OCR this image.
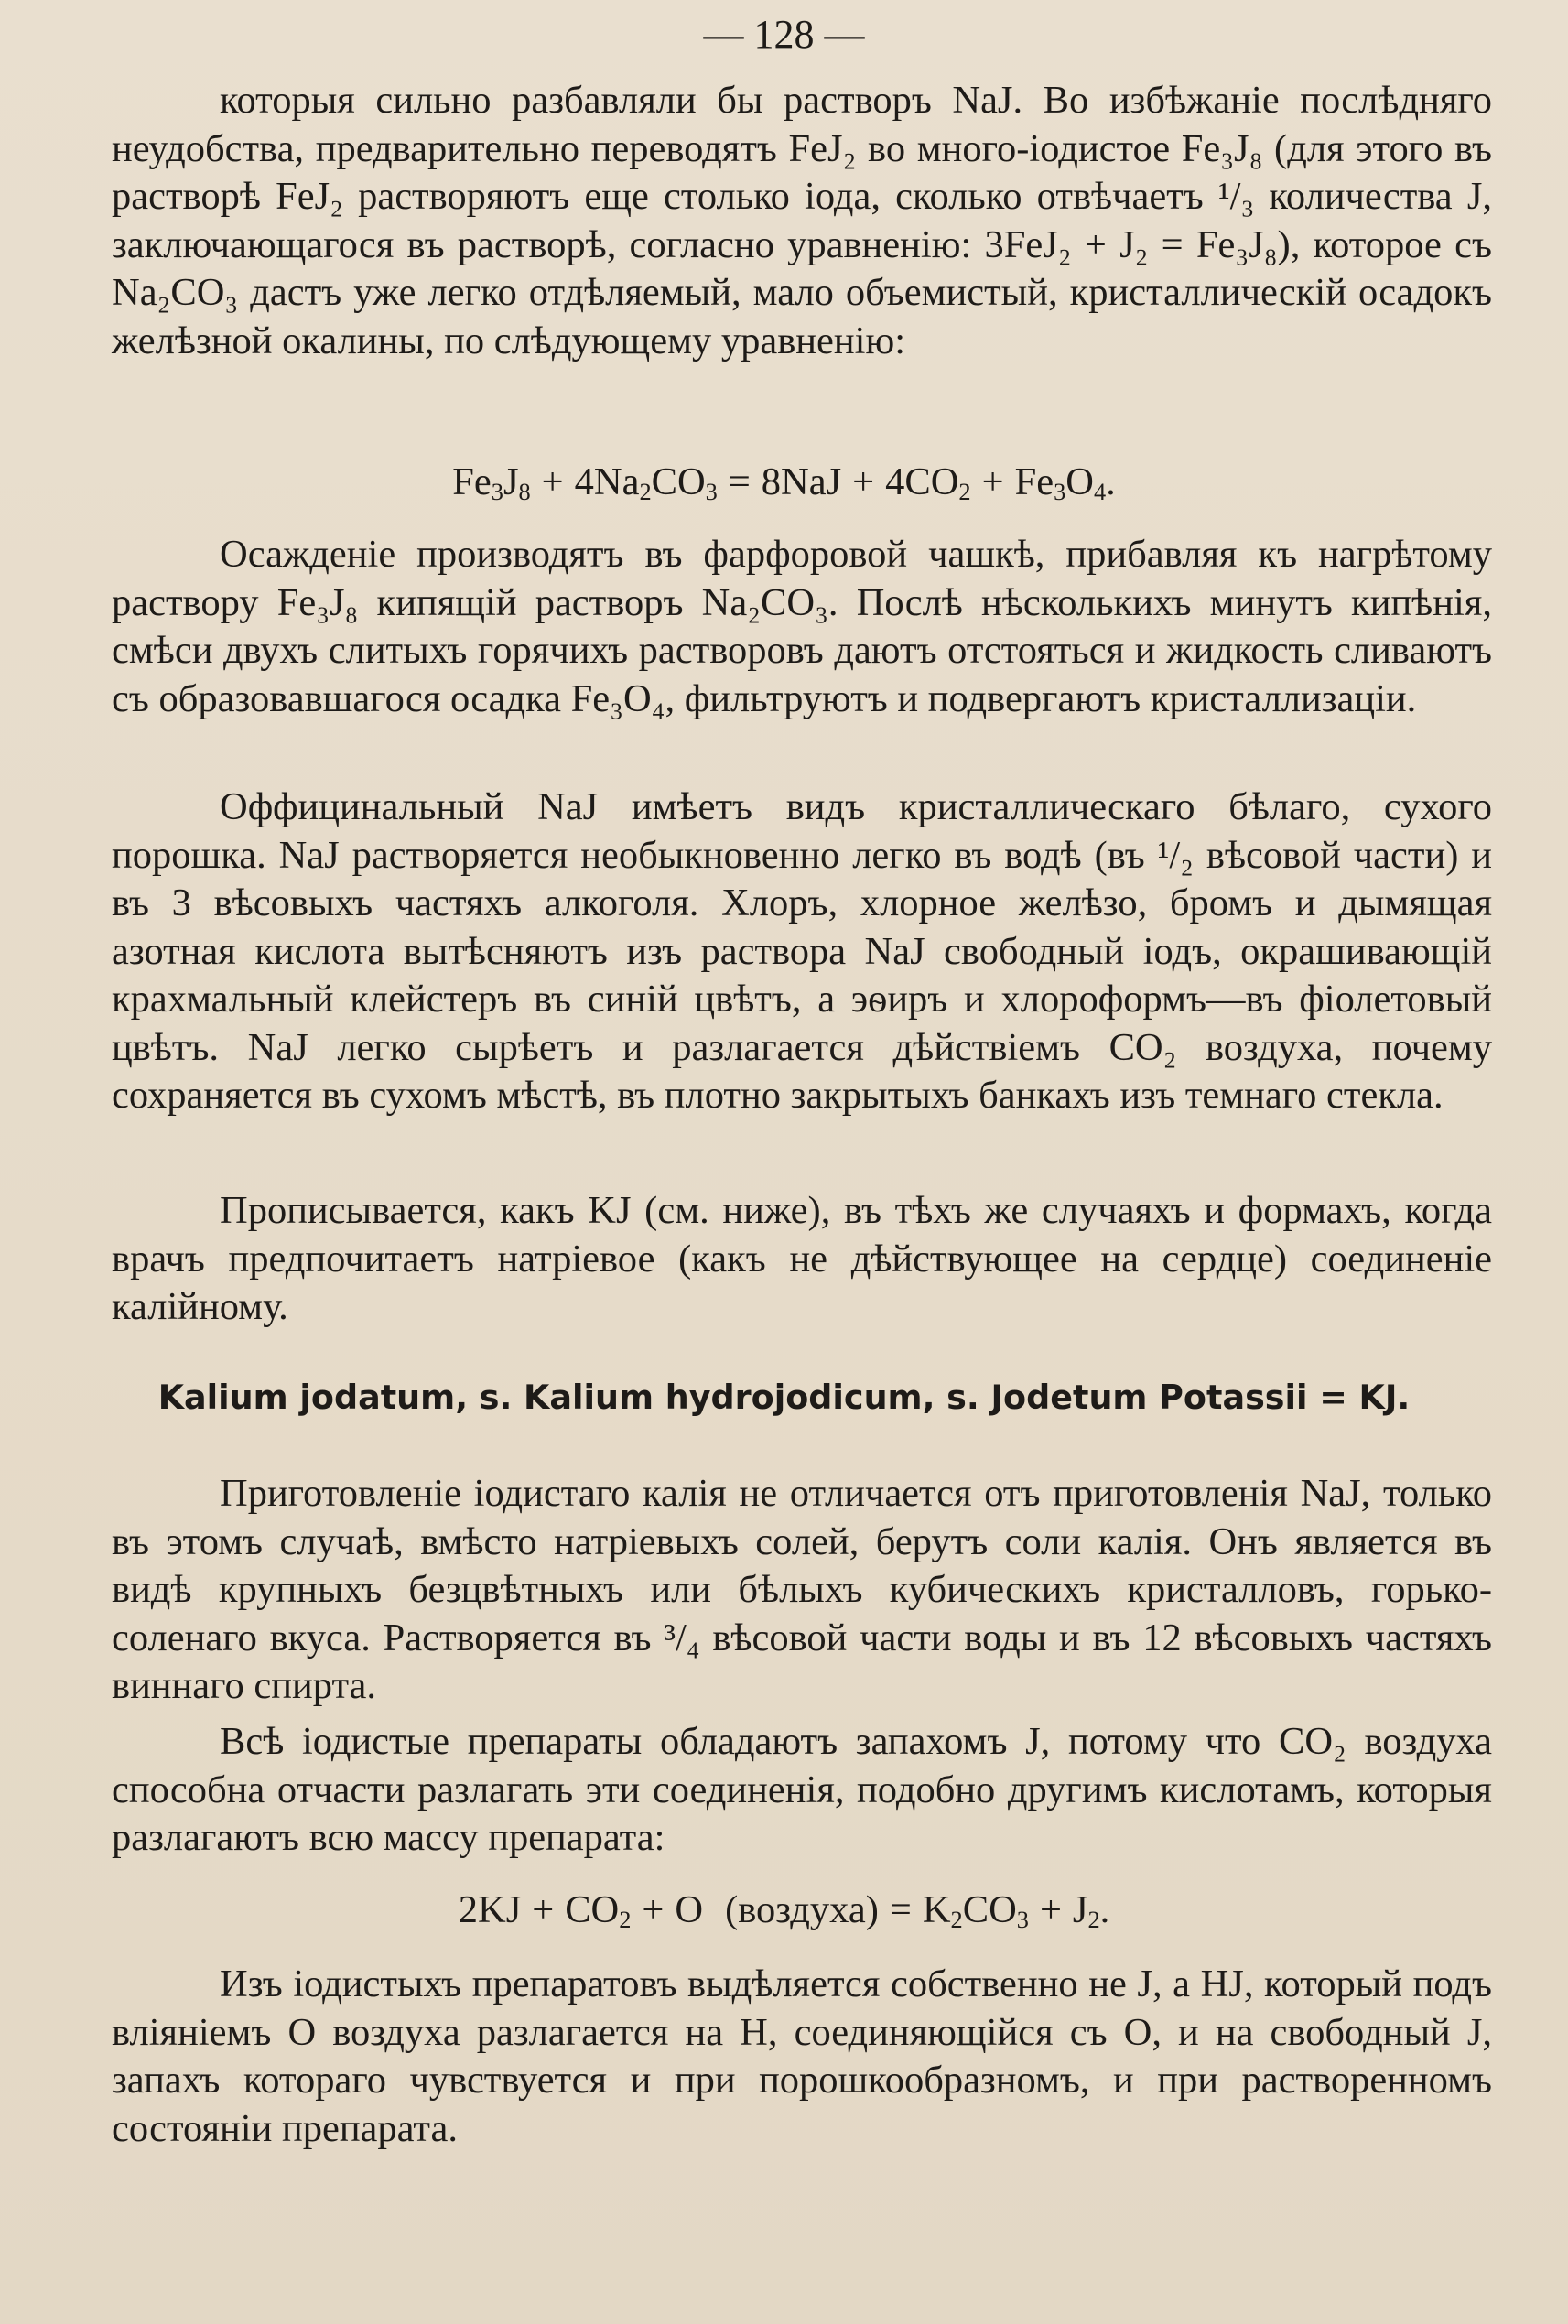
— 128 —
которыя сильно разбавляли бы растворъ NaJ. Во избѣжаніе послѣдняго неудобства, предварительно переводятъ FeJ₂ во много-іодистое Fe₃J₈ (для этого въ растворѣ FeJ₂ растворяютъ еще столько іода, сколько отвѣчаетъ ¹/₃ количества J, заключающагося въ растворѣ, согласно уравненію: 3FeJ₂ + J₂ = Fe₃J₈), которое съ Na₂CO₃ дастъ уже легко отдѣляемый, мало объемистый, кристаллическій осадокъ желѣзной окалины, по слѣдующему уравненію:
$Fe_3J_8 + 4Na_2CO_3 = 8NaJ + 4CO_2 + Fe_3O_4$.
Осажденіе производятъ въ фарфоровой чашкѣ, прибавляя къ нагрѣтому раствору Fe₃J₈ кипящій растворъ Na₂CO₃. Послѣ нѣсколькихъ минутъ кипѣнія, смѣси двухъ слитыхъ горячихъ растворовъ даютъ отстояться и жидкость сливаютъ съ образовавшагося осадка Fe₃O₄, фильтруютъ и подвергаютъ кристаллизаціи.
Оффицинальный NaJ имѣетъ видъ кристаллическаго бѣлаго, сухого порошка. NaJ растворяется необыкновенно легко въ водѣ (въ ¹/₂ вѣсовой части) и въ 3 вѣсовыхъ частяхъ алкоголя. Хлоръ, хлорное желѣзо, бромъ и дымящая азотная кислота вытѣсняютъ изъ раствора NaJ свободный іодъ, окрашивающій крахмальный клейстеръ въ синій цвѣтъ, а эѳиръ и хлороформъ—въ фіолетовый цвѣтъ. NaJ легко сырѣетъ и разлагается дѣйствіемъ CO₂ воздуха, почему сохраняется въ сухомъ мѣстѣ, въ плотно закрытыхъ банкахъ изъ темнаго стекла.
Прописывается, какъ KJ (см. ниже), въ тѣхъ же случаяхъ и формахъ, когда врачъ предпочитаетъ натріевое (какъ не дѣйствующее на сердце) соединеніе калійному.
Kalium jodatum, s. Kalium hydrojodicum, s. Jodetum Potassii = KJ.
Приготовленіе іодистаго калія не отличается отъ приготовленія NaJ, только въ этомъ случаѣ, вмѣсто натріевыхъ солей, берутъ соли калія. Онъ является въ видѣ крупныхъ безцвѣтныхъ или бѣлыхъ кубическихъ кристалловъ, горько-соленаго вкуса. Растворяется въ ³/₄ вѣсовой части воды и въ 12 вѣсовыхъ частяхъ виннаго спирта.
Всѣ іодистые препараты обладаютъ запахомъ J, потому что CO₂ воздуха способна отчасти разлагать эти соединенія, подобно другимъ кислотамъ, которыя разлагаютъ всю массу препарата:
$2KJ + CO_2 + O$ (воздуха) = $K_2CO_3 + J_2$.
Изъ іодистыхъ препаратовъ выдѣляется собственно не J, а HJ, который подъ вліяніемъ O воздуха разлагается на H, соединяющійся съ O, и на свободный J, запахъ котораго чувствуется и при порошкообразномъ, и при растворенномъ состояніи препарата.
